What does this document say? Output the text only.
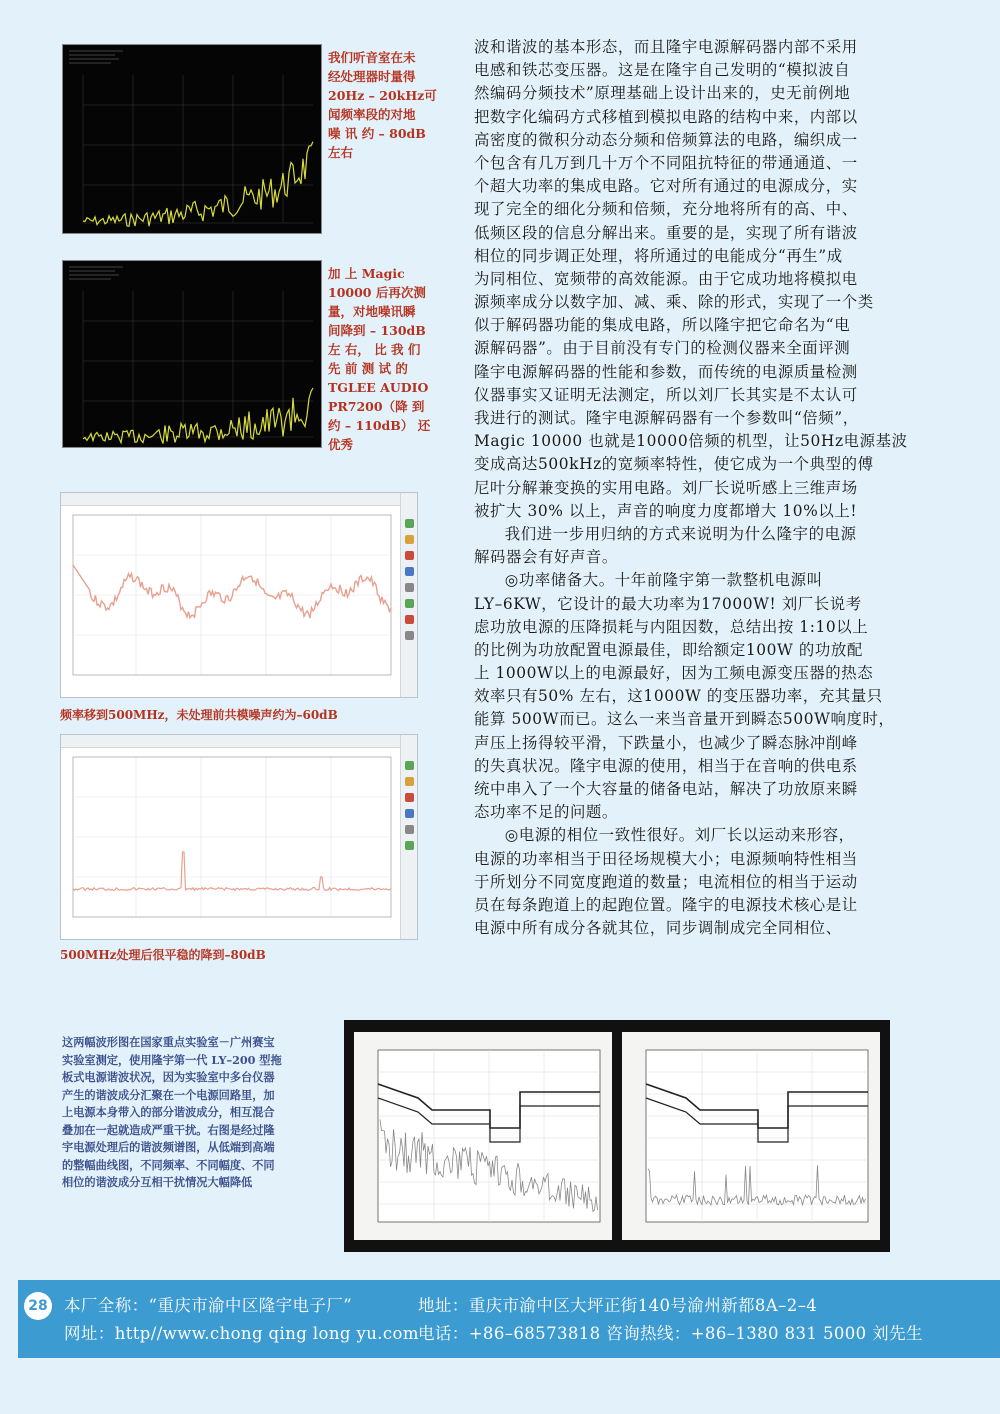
我们听音室在未
经处理器时量得
20Hz – 20kHz可
闻频率段的对地
噪 讯 约 – 80dB
左右
加 上 Magic
10000 后再次测
量，对地噪讯瞬
间降到 – 130dB
左 右， 比 我 们
先 前 测 试 的
TGLEE AUDIO
PR7200（降 到
约 – 110dB） 还
优秀
频率移到500MHz，未处理前共模噪声约为–60dB
500MHz处理后很平稳的降到–80dB
波和谐波的基本形态，而且隆宇电源解码器内部不采用
电感和铁芯变压器。这是在隆宇自己发明的“模拟波自
然编码分频技术”原理基础上设计出来的，史无前例地
把数字化编码方式移植到模拟电路的结构中来，内部以
高密度的微积分动态分频和倍频算法的电路，编织成一
个包含有几万到几十万个不同阻抗特征的带通通道、一
个超大功率的集成电路。它对所有通过的电源成分，实
现了完全的细化分频和倍频，充分地将所有的高、中、
低频区段的信息分解出来。重要的是，实现了所有谐波
相位的同步调正处理，将所通过的电能成分“再生”成
为同相位、宽频带的高效能源。由于它成功地将模拟电
源频率成分以数字加、减、乘、除的形式，实现了一个类
似于解码器功能的集成电路，所以隆宇把它命名为“电
源解码器”。由于目前没有专门的检测仪器来全面评测
隆宇电源解码器的性能和参数，而传统的电源质量检测
仪器事实又证明无法测定，所以刘厂长其实是不太认可
我进行的测试。隆宇电源解码器有一个参数叫“倍频”，
Magic 10000 也就是10000倍频的机型，让50Hz电源基波
变成高达500kHz的宽频率特性，使它成为一个典型的傅
尼叶分解兼变换的实用电路。刘厂长说听感上三维声场
被扩大 30% 以上，声音的响度力度都增大 10%以上!
我们进一步用归纳的方式来说明为什么隆宇的电源
解码器会有好声音。
◎功率储备大。十年前隆宇第一款整机电源叫
LY–6KW，它设计的最大功率为17000W! 刘厂长说考
虑功放电源的压降损耗与内阻因数，总结出按 1:10以上
的比例为功放配置电源最佳，即给额定100W 的功放配
上 1000W以上的电源最好，因为工频电源变压器的热态
效率只有50% 左右，这1000W 的变压器功率，充其量只
能算 500W而已。这么一来当音量开到瞬态500W响度时，
声压上扬得较平滑，下跌量小，也减少了瞬态脉冲削峰
的失真状况。隆宇电源的使用，相当于在音响的供电系
统中串入了一个大容量的储备电站，解决了功放原来瞬
态功率不足的问题。
◎电源的相位一致性很好。刘厂长以运动来形容，
电源的功率相当于田径场规模大小；电源频响特性相当
于所划分不同宽度跑道的数量；电流相位的相当于运动
员在每条跑道上的起跑位置。隆宇的电源技术核心是让
电源中所有成分各就其位，同步调制成完全同相位、
这两幅波形图在国家重点实验室－广州赛宝
实验室测定，使用隆宇第一代 LY–200 型拖
板式电源谐波状况，因为实验室中多台仪器
产生的谐波成分汇聚在一个电源回路里，加
上电源本身带入的部分谐波成分，相互混合
叠加在一起就造成严重干扰。右图是经过隆
宇电源处理后的谐波频谱图，从低端到高端
的整幅曲线图，不同频率、不同幅度、不同
相位的谐波成分互相干扰情况大幅降低
28 本厂全称：“重庆市渝中区隆宇电子厂”	地址：重庆市渝中区大坪正街140号渝州新都8A–2–4
网址：http//www.chong qing long yu.com 电话：+86–68573818 咨询热线：+86–1380 831 5000 刘先生
